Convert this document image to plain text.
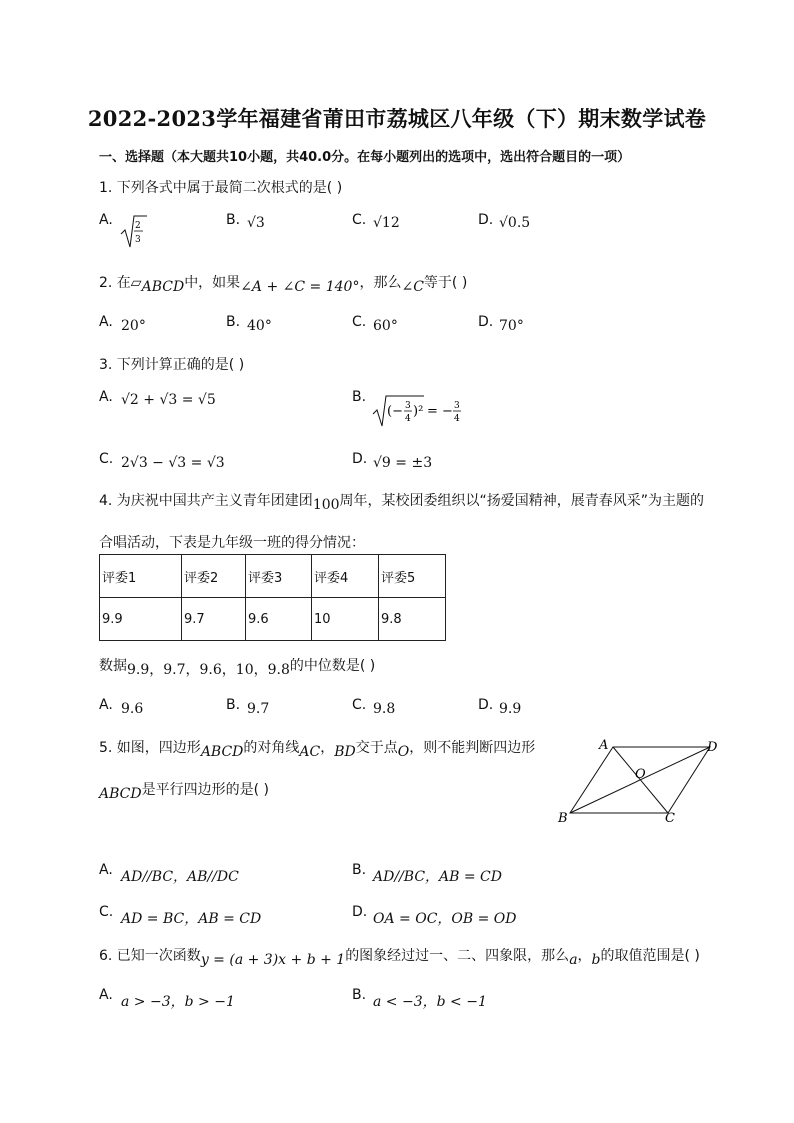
2022-2023学年福建省莆田市荔城区八年级（下）期末数学试卷
一、选择题（本大题共10小题，共40.0分。在每小题列出的选项中，选出符合题目的一项）
1. 下列各式中属于最简二次根式的是( )
A. 2
3
B. √3	C. √12	D. √0.5
2. 在▱ABCD中，如果∠A + ∠C = 140°，那么∠C等于( )
A. 20°	B. 40°	C. 60°	D. 70°
3. 下列计算正确的是( )
A. √2 + √3 = √5	B.
(− 3
4 )² = − 3
4
C. 2√3 − √3 = √3	D. √9 = ±3
4. 为庆祝中国共产主义青年团建团100周年，某校团委组织以“扬爱国精神，展青春风采”为主题的
合唱活动，下表是九年级一班的得分情况：
评委1	评委2	评委3	评委4	评委5
9.9	9.7	9.6	10	9.8
数据9.9，9.7，9.6，10，9.8的中位数是( )
A. 9.6	B. 9.7	C. 9.8	D. 9.9
5. 如图，四边形ABCD的对角线AC，BD交于点O，则不能判断四边形
ABCD是平行四边形的是( )
A	D
O
B	C
A. AD//BC，AB//DC	B. AD//BC，AB = CD
C. AD = BC，AB = CD	D. OA = OC，OB = OD
6. 已知一次函数y = (a + 3)x + b + 1的图象经过过一、二、四象限，那么a，b的取值范围是( )
A. a > −3，b > −1	B. a < −3，b < −1
